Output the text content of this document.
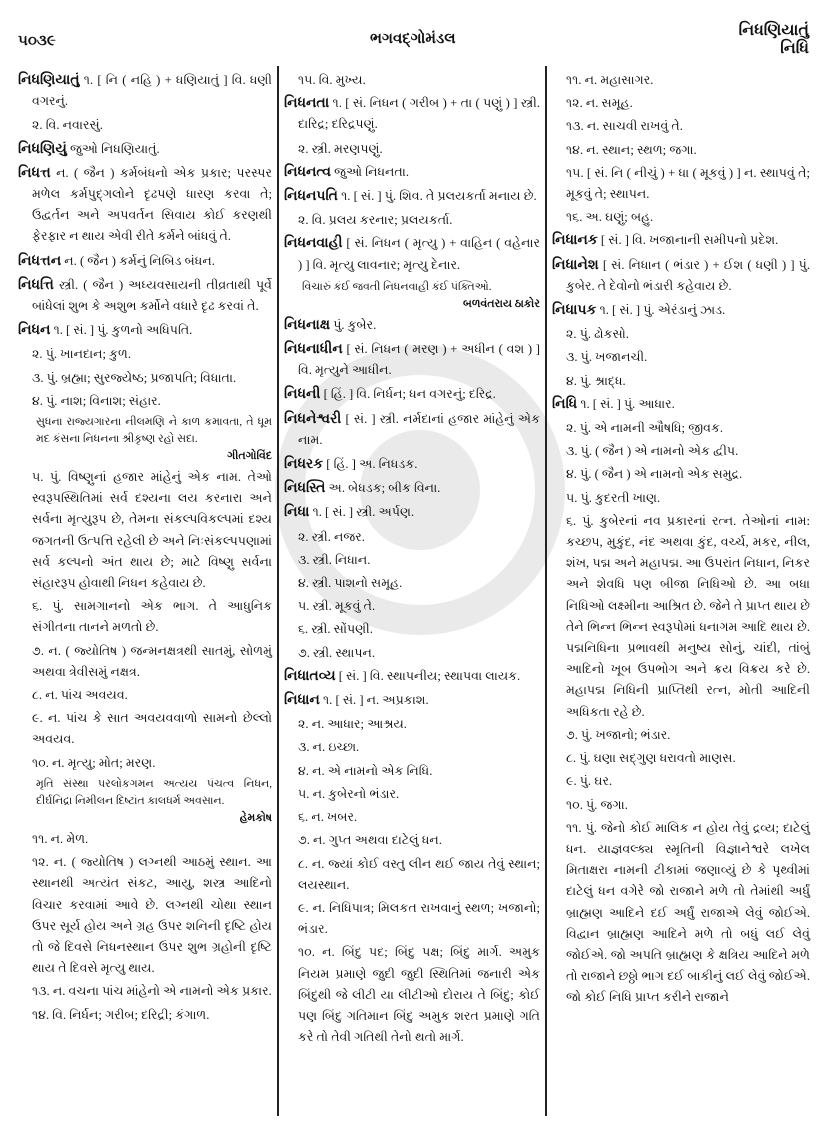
૫૦૩૯	ભગવદ્ગોમંડલ	નિધણિયાતું
નિધિ
નિધણિયાતું ૧. [ નિ ( નહિ ) + ધણિયાતું ] વિ. ધણી વગરનું.
૨. વિ. નવારસું.
નિધણિયું જુઓ નિધણિયાતું.
નિધત્ત ન. ( જૈન ) કર્મબંધનો એક પ્રકાર; પરસ્પર મળેલ કર્મપુદ્ગલોને દૃઢપણે ધારણ કરવા તે; ઉદ્વર્તન અને અપવર્તન સિવાય કોઈ કરણથી ફેરફાર ન થાય એવી રીતે કર્મને બાંધવું તે.
નિધત્તન ન. ( જૈન ) કર્મનું નિબિડ બંધન.
નિધત્તિ સ્ત્રી. ( જૈન ) અધ્યવસાયની તીવ્રતાથી પૂર્વે બાંધેલાં શુભ કે અશુભ કર્મોને વધારે દૃઢ કરવાં તે.
નિધન ૧. [ સં. ] પું. કુળનો અધિપતિ.
૨. પું. ખાનદાન; કુળ.
૩. પું. બ્રહ્મા; સુરજ્યેષ્ઠ; પ્રજાપતિ; વિધાતા.
૪. પું. નાશ; વિનાશ; સંહાર.
સુધના રાજ્યગારના નીલમણિ ને કાળ કમાવતા, તે ધૂમ મદ કંસના નિધનના શ્રીકૃષ્ણ રહો સદા.
ગીતગોવિંદ
૫. પું. વિષ્ણુનાં હજાર માંહેનું એક નામ. તેઓ સ્વરૂપસ્થિતિમાં સર્વ દશ્યના લય કરનારા અને સર્વના મૃત્યુરૂપ છે, તેમના સંકલ્પવિકલ્પમાં દશ્ય જગતની ઉત્પત્તિ રહેલી છે અને નિઃસંકલ્પપણામાં સર્વ કલ્પનો અંત થાય છે; માટે વિષ્ણુ સર્વના સંહારરૂપ હોવાથી નિધન કહેવાય છે.
૬. પું. સામગાનનો એક ભાગ. તે આધુનિક સંગીતના તાનને મળતો છે.
૭. ન. ( જ્યોતિષ ) જન્મનક્ષત્રથી સાતમું, સોળમું અથવા ત્રેવીસમું નક્ષત્ર.
૮. ન. પાંચ અવયવ.
૯. ન. પાંચ કે સાત અવયવવાળો સામનો છેલ્લો અવયવ.
૧૦. ન. મૃત્યુ; મોત; મરણ.
મૃતિ સંસ્થા પરલોકગમન અત્યય પંચત્વ નિધન, દીર્ઘનિદ્રા નિમીલન દિષ્ટાંત કાલધર્મ અવસાન.
હેમકોષ
૧૧. ન. મેળ.
૧૨. ન. ( જ્યોતિષ ) લગ્નથી આઠમું સ્થાન. આ સ્થાનથી અત્યંત સંકટ, આયુ, શસ્ત્ર આદિનો વિચાર કરવામાં આવે છે. લગ્નથી ચોથા સ્થાન ઉપર સૂર્ય હોય અને ગ્રહ ઉપર શનિની દૃષ્ટિ હોય તો જે દિવસે નિધનસ્થાન ઉપર શુભ ગ્રહોની દૃષ્ટિ થાય તે દિવસે મૃત્યુ થાય.
૧૩. ન. વચના પાંચ માંહેનો એ નામનો એક પ્રકાર.
૧૪. વિ. નિર્ધન; ગરીબ; દરિદ્રી; કંગાળ.
૧૫. વિ. મુખ્ય.
નિધનતા ૧. [ સં. નિધન ( ગરીબ ) + તા ( પણું ) ] સ્ત્રી. દારિદ્ર; દરિદ્રપણું.
૨. સ્ત્રી. મરણપણું.
નિધનત્વ જુઓ નિધનતા.
નિધનપતિ ૧. [ સં. ] પું. શિવ. તે પ્રલયકર્તા મનાય છે.
૨. વિ. પ્રલય કરનાર; પ્રલયકર્તા.
નિધનવાહી [ સં. નિધન ( મૃત્યુ ) + વાહિન ( વહેનાર ) ] વિ. મૃત્યુ લાવનાર; મૃત્યુ દેનાર.
વિચારું કંઈ જવતી નિધનવાહી કંઈ પંક્તિઓ.
બળવંતરાય ઠાકોર
નિધનાક્ષ પું. કુબેર.
નિધનાધીન [ સં. નિધન ( મરણ ) + અધીન ( વશ ) ] વિ. મૃત્યુને આધીન.
નિધની [ હિં. ] વિ. નિર્ધન; ધન વગરનું; દરિદ્ર.
નિધનેશ્વરી [ સં. ] સ્ત્રી. નર્મદાનાં હજાર માંહેનું એક નામ.
નિધરક [ હિં. ] અ. નિધડક.
નિધસ્તિ અ. બેધડક; બીક વિના.
નિધા ૧. [ સં. ] સ્ત્રી. અર્પણ.
૨. સ્ત્રી. નજર.
૩. સ્ત્રી. નિધાન.
૪. સ્ત્રી. પાશનો સમૂહ.
૫. સ્ત્રી. મૂકવું તે.
૬. સ્ત્રી. સોંપણી.
૭. સ્ત્રી. સ્થાપન.
નિધાતવ્ય [ સં. ] વિ. સ્થાપનીય; સ્થાપવા લાયક.
નિધાન ૧. [ સં. ] ન. અપ્રકાશ.
૨. ન. આધાર; આશ્રય.
૩. ન. ઇચ્છા.
૪. ન. એ નામનો એક નિધિ.
૫. ન. કુબેરનો ભંડાર.
૬. ન. ખબર.
૭. ન. ગુપ્ત અથવા દાટેલું ધન.
૮. ન. જ્યાં કોઈ વસ્તુ લીન થઈ જાય તેવું સ્થાન; લયસ્થાન.
૯. ન. નિધિપાત્ર; મિલકત રાખવાનું સ્થળ; ખજાનો; ભંડાર.
૧૦. ન. બિંદુ પદ; બિંદુ પક્ષ; બિંદુ માર્ગ. અમુક નિયમ પ્રમાણે જુદી જુદી સ્થિતિમાં જનારી એક બિંદુથી જે લીટી યા લીટીઓ દોરાય તે બિંદુ; કોઈ પણ બિંદુ ગતિમાન બિંદુ અમુક શરત પ્રમાણે ગતિ કરે તો તેવી ગતિથી તેનો થતો માર્ગ.
૧૧. ન. મહાસાગર.
૧૨. ન. સમૂહ.
૧૩. ન. સાચવી રાખવું તે.
૧૪. ન. સ્થાન; સ્થળ; જગા.
૧૫. [ સં. નિ ( નીચું ) + ધા ( મૂકવું ) ] ન. સ્થાપવું તે; મૂકવું તે; સ્થાપન.
૧૬. અ. ઘણું; બહુ.
નિધાનક [ સં. ] વિ. ખજાનાની સમીપનો પ્રદેશ.
નિધાનેશ [ સં. નિધાન ( ભંડાર ) + ઈશ ( ધણી ) ] પું. કુબેર. તે દેવોનો ભંડારી કહેવાય છે.
નિધાપક ૧. [ સં. ] પું. એરંડાનું ઝાડ.
૨. પું. ઢોકસો.
૩. પું. ખજાનચી.
૪. પું. શ્રાદ્ધ.
નિધિ ૧. [ સં. ] પું. આધાર.
૨. પું. એ નામની ઔષધિ; જીવક.
૩. પું. ( જૈન ) એ નામનો એક દ્વીપ.
૪. પું. ( જૈન ) એ નામનો એક સમુદ્ર.
૫. પું. કુદરતી ખાણ.
૬. પું. કુબેરનાં નવ પ્રકારનાં રત્ન. તેઓનાં નામ: કચ્છપ, મુકુંદ, નંદ અથવા કુંદ, વર્ચ્ચ, મકર, નીલ, શંખ, પદ્મ અને મહાપદ્મ. આ ઉપરાંત નિધાન, નિકર અને શેવધિ પણ બીજા નિધિઓ છે. આ બધા નિધિઓ લક્ષ્મીના આશ્રિત છે. જેને તે પ્રાપ્ત થાય છે તેને ભિન્ન ભિન્ન સ્વરૂપોમાં ધનાગમ આદિ થાય છે. પદ્મનિધિના પ્રભાવથી મનુષ્ય સોનું, ચાંદી, તાંબું આદિનો ખૂબ ઉપભોગ અને ક્રય વિક્રય કરે છે. મહાપદ્મ નિધિની પ્રાપ્તિથી રત્ન, મોતી આદિની અધિકતા રહે છે.
૭. પું. ખજાનો; ભંડાર.
૮. પું. ઘણા સદ્ગુણ ધરાવતો માણસ.
૯. પું. ઘર.
૧૦. પું. જગા.
૧૧. પું. જેનો કોઈ માલિક ન હોય તેવું દ્રવ્ય; દાટેલું ધન. યાજ્ઞવલ્ક્ય સ્મૃતિની વિજ્ઞાનેશ્વરે લખેલ મિતાક્ષરા નામની ટીકામાં જણાવ્યું છે કે પૃથ્વીમાં દાટેલું ધન વગેરે જો રાજાને મળે તો તેમાંથી અર્ધું બ્રાહ્મણ આદિને દઈ અર્ધું રાજાએ લેવું જોઈએ. વિદ્વાન બ્રાહ્મણ આદિને મળે તો બધું લઈ લેવું જોઈએ. જો અપતિ બ્રાહ્મણ કે ક્ષત્રિય આદિને મળે તો રાજાને છઠ્ઠો ભાગ દઈ બાકીનું લઈ લેવું જોઈએ. જો કોઈ નિધિ પ્રાપ્ત કરીને રાજાને
